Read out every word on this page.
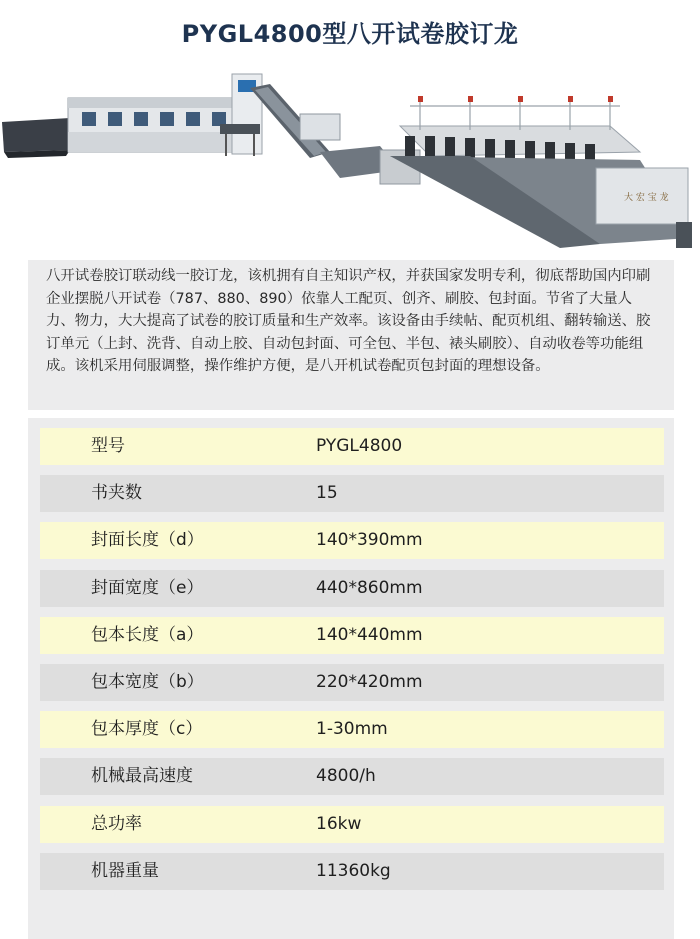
PYGL4800型八开试卷胶订龙
大 宏 宝 龙
八开试卷胶订联动线一胶订龙，该机拥有自主知识产权，并获国家发明专利，彻底帮助国内印刷企业摆脱八开试卷（787、880、890）依靠人工配页、创齐、刷胶、包封面。节省了大量人力、物力，大大提高了试卷的胶订质量和生产效率。该设备由手续帖、配页机组、翻转输送、胶订单元（上封、洗背、自动上胶、自动包封面、可全包、半包、裱头刷胶）、自动收卷等功能组成。该机采用伺服调整，操作维护方便，是八开机试卷配页包封面的理想设备。
型号	PYGL4800
书夹数	15
封面长度（d）	140*390mm
封面宽度（e）	440*860mm
包本长度（a）	140*440mm
包本宽度（b）	220*420mm
包本厚度（c）	1-30mm
机械最高速度	4800/h
总功率	16kw
机器重量	11360kg
